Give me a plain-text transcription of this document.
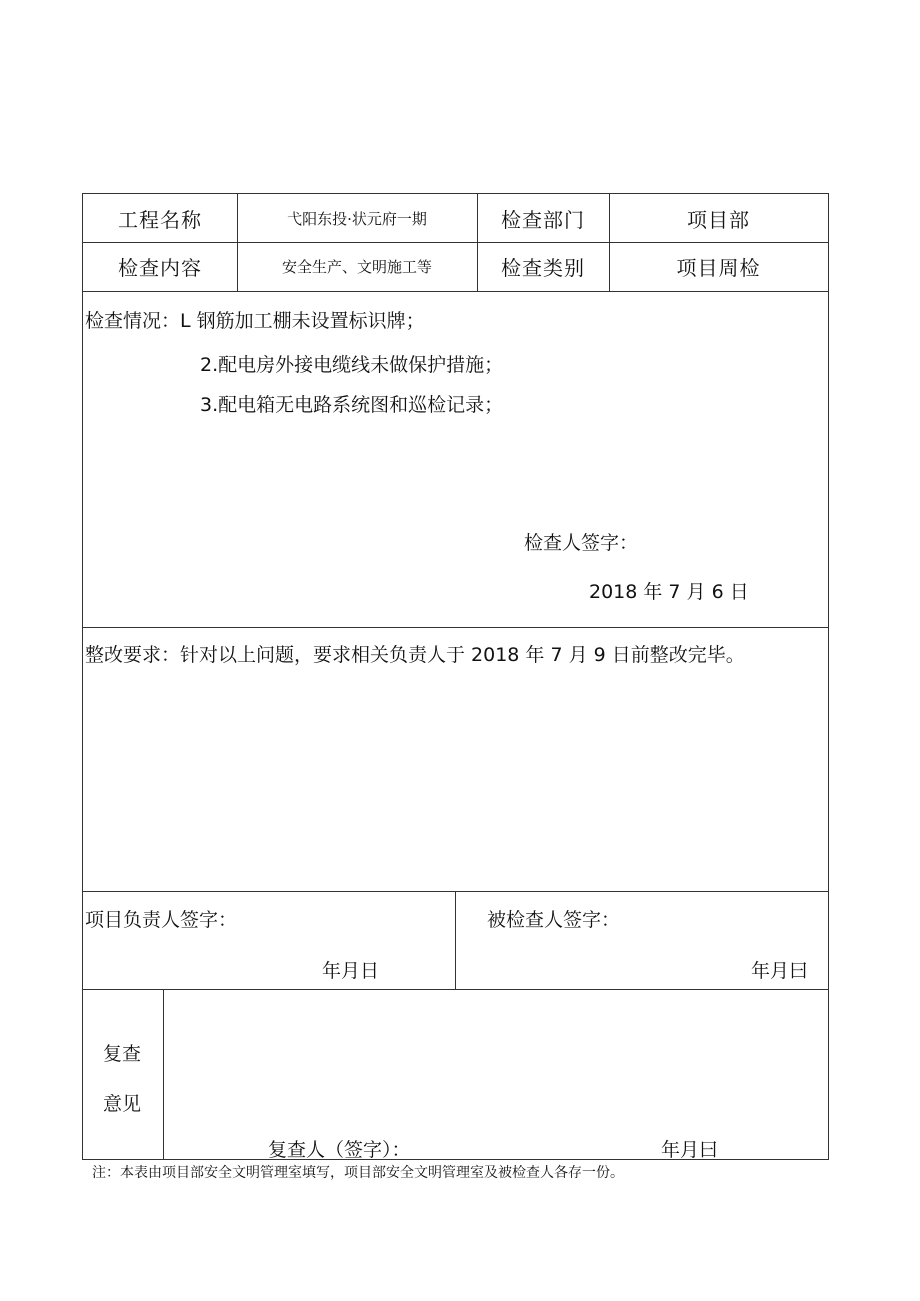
工程名称	弋阳东投·状元府一期	检查部门	项目部
检查内容	安全生产、文明施工等	检查类别	项目周检
检查情况：L 钢筋加工棚未设置标识牌；
2.配电房外接电缆线未做保护措施；
3.配电箱无电路系统图和巡检记录；
检查人签字：
2018 年 7 月 6 日
整改要求：针对以上问题，要求相关负责人于 2018 年 7 月 9 日前整改完毕。
项目负责人签字：
年月日
被检查人签字：
年月曰
复查
意见
复查人（签字）：	年月曰
注：本表由项目部安全文明管理室填写，项目部安全文明管理室及被检查人各存一份。
